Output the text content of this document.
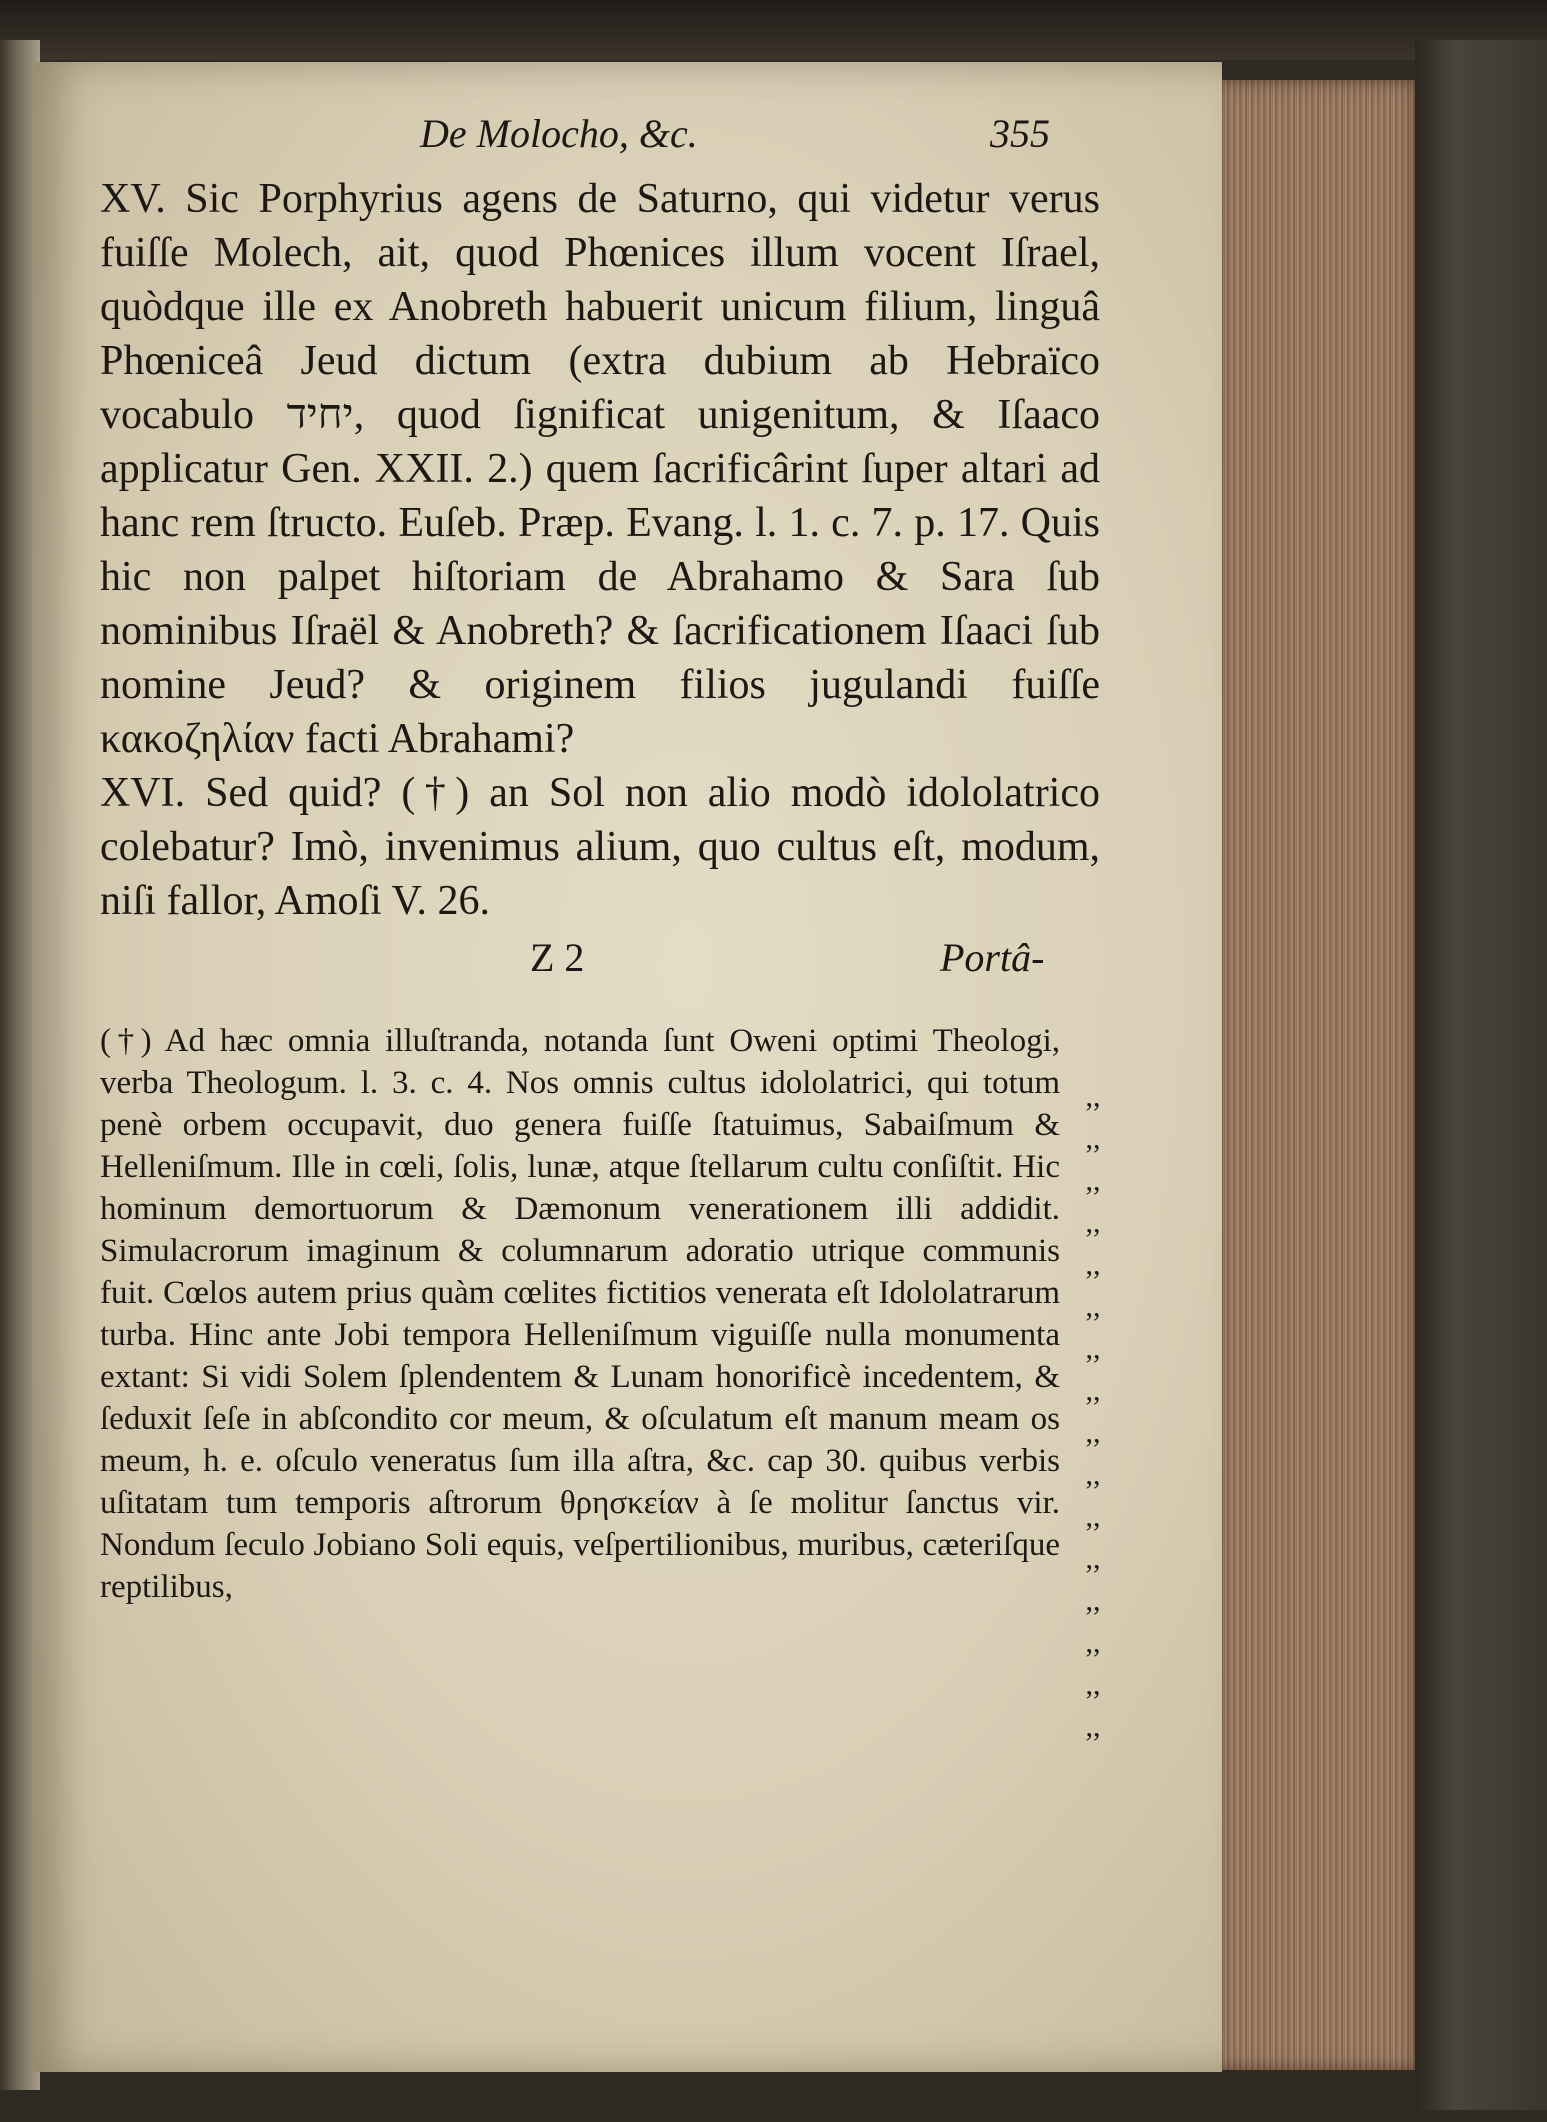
De Molocho, &c.	355

XV. Sic Porphyrius agens de Saturno, qui videtur verus fuiſſe Molech, ait, quod Phœnices illum vocent Iſrael, quòdque ille ex Anobreth habuerit unicum filium, linguâ Phœniceâ Jeud dictum (extra dubium ab Hebraïco vocabulo יחיד, quod ſignificat unigenitum, & Iſaaco applicatur Gen. XXII. 2.) quem ſacrificârint ſuper altari ad hanc rem ſtructo. Euſeb. Præp. Evang. l. 1. c. 7. p. 17. Quis hic non palpet hiſtoriam de Abrahamo & Sara ſub nominibus Iſraël & Anobreth? & ſacrificationem Iſaaci ſub nomine Jeud? & originem filios jugulandi fuiſſe κακοζηλίαν facti Abrahami?

XVI. Sed quid? (†) an Sol non alio modò idololatrico colebatur? Imò, invenimus alium, quo cultus eſt, modum, niſi fallor, Amoſi V. 26.

Z 2	Portâ-

(†) Ad hæc omnia illuſtranda, notanda ſunt Oweni optimi Theologi, verba Theologum. l. 3. c. 4. Nos omnis cultus idololatrici, qui totum penè orbem occupavit, duo genera fuiſſe ſtatuimus, Sabaiſmum & Helleniſmum. Ille in cœli, ſolis, lunæ, atque ſtellarum cultu conſiſtit. Hic hominum demortuorum & Dæmonum venerationem illi addidit. Simulacrorum imaginum & columnarum adoratio utrique communis fuit. Cœlos autem prius quàm cœlites fictitios venerata eſt Idololatrarum turba. Hinc ante Jobi tempora Helleniſmum viguiſſe nulla monumenta extant: Si vidi Solem ſplendentem & Lunam honorificè incedentem, & ſeduxit ſeſe in abſcondito cor meum, & oſculatum eſt manum meam os meum, h. e. oſculo veneratus ſum illa aſtra, &c. cap 30. quibus verbis uſitatam tum temporis aſtrorum θρησκείαν à ſe molitur ſanctus vir. Nondum ſeculo Jobiano Soli equis, veſpertilionibus, muribus, cæteriſque reptilibus,

,,
,,
,,
,,
,,
,,
,,
,,
,,
,,
,,
,,
,,
,,
,,
,,
